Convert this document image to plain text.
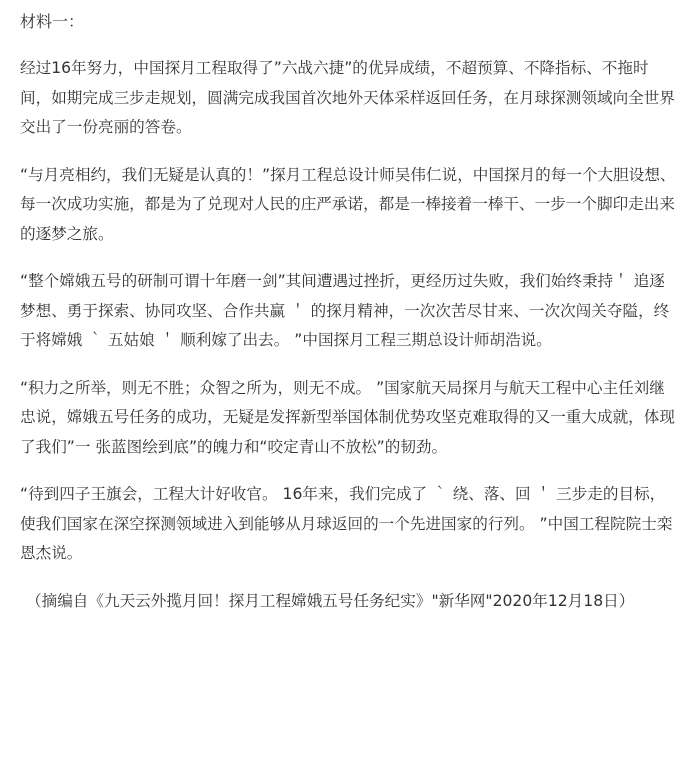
材料一：

经过16年努力，中国探月工程取得了”六战六捷”的优异成绩，不超预算、不降指标、不拖时间，如期完成三步走规划，圆满完成我国首次地外天体采样返回任务，在月球探测领域向全世界交出了一份亮丽的答卷。

“与月亮相约，我们无疑是认真的！”探月工程总设计师吴伟仁说，中国探月的每一个大胆设想、每一次成功实施，都是为了兑现对人民的庄严承诺，都是一棒接着一棒干、一步一个脚印走出来的逐梦之旅。

“整个嫦娥五号的研制可谓十年磨一剑”其间遭遇过挫折，更经历过失败，我们始终秉持＇ 追逐梦想、勇于探索、协同攻坚、合作共赢 ＇ 的探月精神，一次次苦尽甘来、一次次闯关夺隘，终于将嫦娥 ｀ 五姑娘 ＇ 顺利嫁了出去。 ”中国探月工程三期总设计师胡浩说。

“积力之所举，则无不胜；众智之所为，则无不成。 ”国家航天局探月与航天工程中心主任刘继忠说，嫦娥五号任务的成功，无疑是发挥新型举国体制优势攻坚克难取得的又一重大成就，体现了我们”一 张蓝图绘到底”的魄力和“咬定青山不放松”的韧劲。

“待到四子王旗会，工程大计好收官。 16年来，我们完成了 ｀ 绕、落、回 ＇ 三步走的目标，使我们国家在深空探测领域进入到能够从月球返回的一个先进国家的行列。 ”中国工程院院士栾恩杰说。

（摘编自《九天云外揽月回！探月工程嫦娥五号任务纪实》"新华网"2020年12月18日）
